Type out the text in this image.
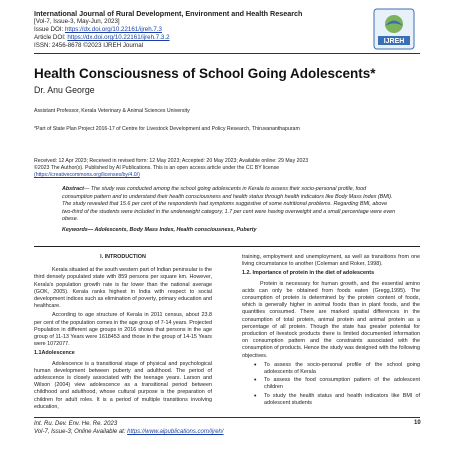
International Journal of Rural Development, Environment and Health Research
[Vol-7, Issue-3, May-Jun, 2023]
Issue DOI: https://dx.doi.org/10.22161/ijreh.7.3
Article DOI: https://dx.doi.org/10.22161/ijreh.7.3.2
ISSN: 2456-8678 ©2023 IJREH Journal
IJREH
Health Consciousness of School Going Adolescents*
Dr. Anu George
Assistant Professor, Kerala Veterinary & Animal Sciences University
*Part of State Plan Project 2016-17 of Centre for Livestock Development and Policy Research, Thiruvananthapuram
Received: 12 Apr 2023; Received in revised form: 12 May 2023; Accepted: 20 May 2023; Available online: 29 May 2023
©2023 The Author(s). Published by AI Publications. This is an open access article under the CC BY license
(https://creativecommons.org/licenses/by/4.0/)
Abstract— The study was conducted among the school going adolescents in Kerala to assess their socio-personal profile, food consumption pattern and to understand their health consciousness and health status through health indicators like Body Mass Index (BMI). The study revealed that 15.6 per cent of the respondents had symptoms suggestive of some nutritional problems. Regarding BMI, above two-third of the students were included in the underweight category, 1.7 per cent were having overweight and a small percentage were even obese.
Keywords— Adolescents, Body Mass Index, Health consciousness, Puberty
I. INTRODUCTION

Kerala situated at the south western part of Indian peninsular is the third densely populated state with 859 persons per square km. However, Kerala's population growth rate is far lower than the national average (GOK, 2005). Kerala ranks highest in India with respect to social development indices such as elimination of poverty, primary education and healthcare.

According to age structure of Kerala in 2011 census, about 23.8 per cent of the population comes in the age group of 7-14 years. Projected Population in different age groups in 2016 shows that persons in the age group of 11-13 Years were 1618453 and those in the group of 14-15 Years were 1072077.

1.1Adolescence

Adolescence is a transitional stage of physical and psychological human development between puberty and adulthood. The period of adolescence is closely associated with the teenage years. Larson and Wilson (2004) view adolescence as a transitional period between childhood and adulthood, whose cultural purpose is the preparation of children for adult roles. It is a period of multiple transitions involving education,

training, employment and unemployment, as well as transitions from one living circumstance to another (Coleman and Roker, 1998).

1.2. Importance of protein in the diet of adolescents

Protein is necessary for human growth, and the essential amino acids can only be obtained from foods eaten (Gregg,1995). The consumption of protein is determined by the protein content of foods, which is generally higher in animal foods than in plant foods, and the quantities consumed. There are marked spatial differences in the consumption of total protein, animal protein and animal protein as a percentage of all protein. Though the state has greater potential for production of livestock products there is limited documented information on consumption pattern and the constraints associated with the consumption of products. Hence the study was designed with the following objectives.

• To assess the socio-personal profile of the school going adolescents of Kerala
• To assess the food consumption pattern of the adolescent children
• To study the health status and health indicators like BMI of adolescent students
Int. Ru. Dev. Env. He. Re. 2023
Vol-7, Issue-3; Online Available at: https://www.aipublications.com/ijreh/
10
